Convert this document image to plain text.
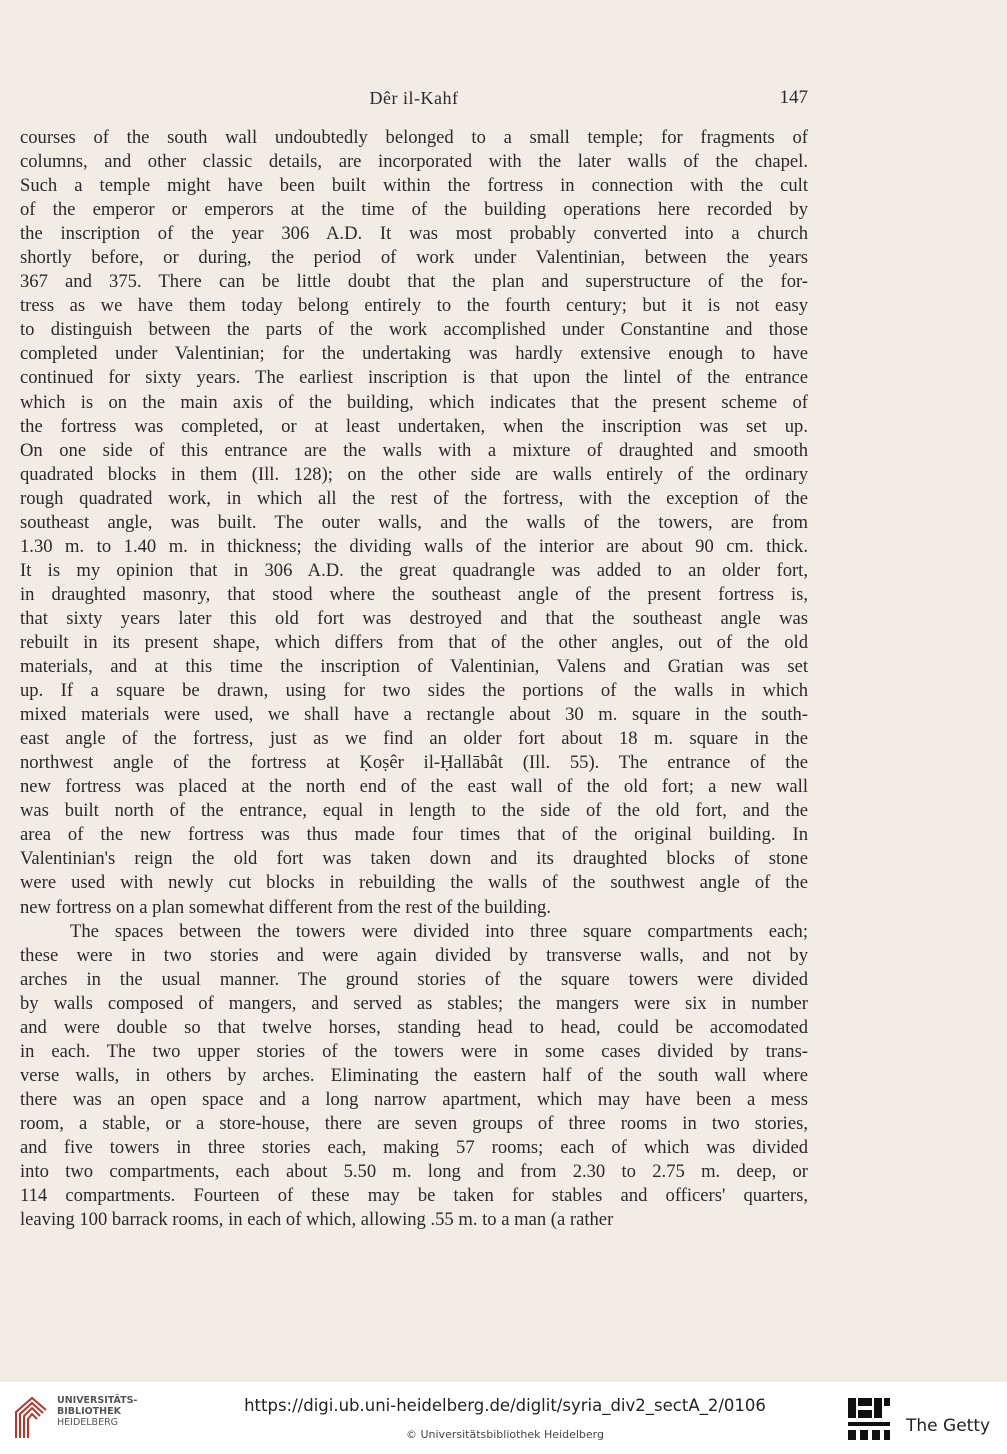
Dêr il-Kahf	147

courses of the south wall undoubtedly belonged to a small temple; for fragments of
columns, and other classic details, are incorporated with the later walls of the chapel.
Such a temple might have been built within the fortress in connection with the cult
of the emperor or emperors at the time of the building operations here recorded by
the inscription of the year 306 A.D. It was most probably converted into a church
shortly before, or during, the period of work under Valentinian, between the years
367 and 375. There can be little doubt that the plan and superstructure of the for-
tress as we have them today belong entirely to the fourth century; but it is not easy
to distinguish between the parts of the work accomplished under Constantine and those
completed under Valentinian; for the undertaking was hardly extensive enough to have
continued for sixty years. The earliest inscription is that upon the lintel of the entrance
which is on the main axis of the building, which indicates that the present scheme of
the fortress was completed, or at least undertaken, when the inscription was set up.
On one side of this entrance are the walls with a mixture of draughted and smooth
quadrated blocks in them (Ill. 128); on the other side are walls entirely of the ordinary
rough quadrated work, in which all the rest of the fortress, with the exception of the
southeast angle, was built. The outer walls, and the walls of the towers, are from
1.30 m. to 1.40 m. in thickness; the dividing walls of the interior are about 90 cm. thick.
It is my opinion that in 306 A.D. the great quadrangle was added to an older fort,
in draughted masonry, that stood where the southeast angle of the present fortress is,
that sixty years later this old fort was destroyed and that the southeast angle was
rebuilt in its present shape, which differs from that of the other angles, out of the old
materials, and at this time the inscription of Valentinian, Valens and Gratian was set
up. If a square be drawn, using for two sides the portions of the walls in which
mixed materials were used, we shall have a rectangle about 30 m. square in the south-
east angle of the fortress, just as we find an older fort about 18 m. square in the
northwest angle of the fortress at Ḳoṣêr il-Ḥallābât (Ill. 55). The entrance of the
new fortress was placed at the north end of the east wall of the old fort; a new wall
was built north of the entrance, equal in length to the side of the old fort, and the
area of the new fortress was thus made four times that of the original building. In
Valentinian's reign the old fort was taken down and its draughted blocks of stone
were used with newly cut blocks in rebuilding the walls of the southwest angle of the
new fortress on a plan somewhat different from the rest of the building.

The spaces between the towers were divided into three square compartments each;
these were in two stories and were again divided by transverse walls, and not by
arches in the usual manner. The ground stories of the square towers were divided
by walls composed of mangers, and served as stables; the mangers were six in number
and were double so that twelve horses, standing head to head, could be accomodated
in each. The two upper stories of the towers were in some cases divided by trans-
verse walls, in others by arches. Eliminating the eastern half of the south wall where
there was an open space and a long narrow apartment, which may have been a mess
room, a stable, or a store-house, there are seven groups of three rooms in two stories,
and five towers in three stories each, making 57 rooms; each of which was divided
into two compartments, each about 5.50 m. long and from 2.30 to 2.75 m. deep, or
114 compartments. Fourteen of these may be taken for stables and officers' quarters,
leaving 100 barrack rooms, in each of which, allowing .55 m. to a man (a rather

UNIVERSITÄTS-
BIBLIOTHEK
HEIDELBERG
https://digi.ub.uni-heidelberg.de/diglit/syria_div2_sectA_2/0106
© Universitätsbibliothek Heidelberg	The Getty
